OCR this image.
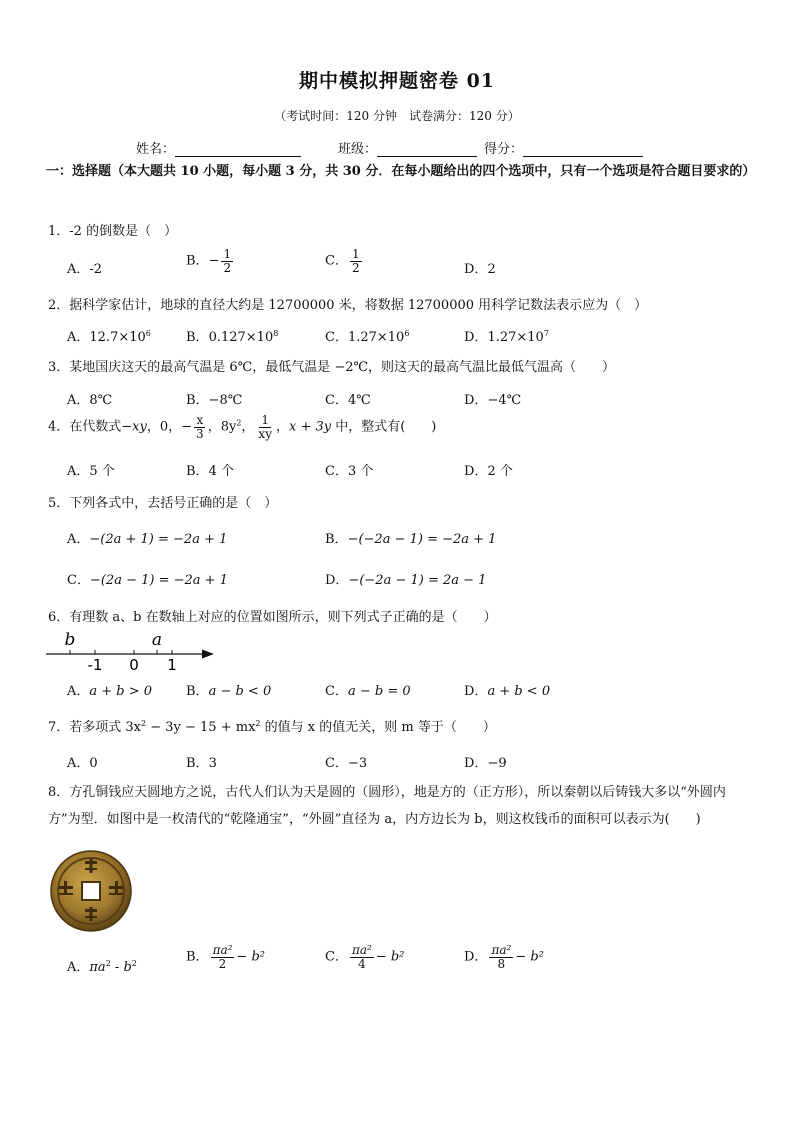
期中模拟押题密卷 01
（考试时间：120 分钟　试卷满分：120 分）
姓名：	班级：	得分：
一：选择题（本大题共 10 小题，每小题 3 分，共 30 分．在每小题给出的四个选项中，只有一个选项是符合题目要求的）
1．-2 的倒数是（　）
A．-2
B．− $\frac{1}{2}$	C． $\frac{1}{2}$	D．2
2．据科学家估计，地球的直径大约是 12700000 米，将数据 12700000 用科学记数法表示应为（　）
A．$12.7\times 10^6$	B．$0.127\times 10^8$	C．$1.27\times 10^6$	D．$1.27\times 10^7$
3．某地国庆这天的最高气温是 6℃，最低气温是 −2℃，则这天的最高气温比最低气温高（　　）
A．8℃	B．−8℃	C．4℃	D．−4℃
4．在代数式−xy，0，− $\frac{x}{3}$ ，$8y^2$， $\frac{1}{xy}$ ，x + 3y 中，整式有(　　)
A．5 个	B．4 个	C．3 个	D．2 个
5．下列各式中，去括号正确的是（　）
A．−(2a + 1) = −2a + 1	B．−(−2a − 1) = −2a + 1
C．−(2a − 1) = −2a + 1	D．−(−2a − 1) = 2a − 1
6．有理数 a、b 在数轴上对应的位置如图所示，则下列式子正确的是（　　）
b	a
-1 0 1
A．a + b > 0	B．a − b < 0	C．a − b = 0	D．a + b < 0
7．若多项式 $3x^2 - 3y - 15 + mx^2$ 的值与 x 的值无关，则 m 等于（　　）
A．0	B．3	C．−3	D．−9
8．方孔铜钱应天圆地方之说，古代人们认为天是圆的（圆形），地是方的（正方形），所以秦朝以后铸钱大多以“外圆内方”为型．如图中是一枚清代的“乾隆通宝”，“外圆”直径为 a，内方边长为 b，则这枚钱币的面积可以表示为(　　)
A．$\pi a^2 - b^2$	B． $\frac{\text{πa²}}{2} - b^2$	C． $\frac{\text{πa²}}{4} - b^2$	D． $\frac{\text{πa²}}{8} - b^2$
